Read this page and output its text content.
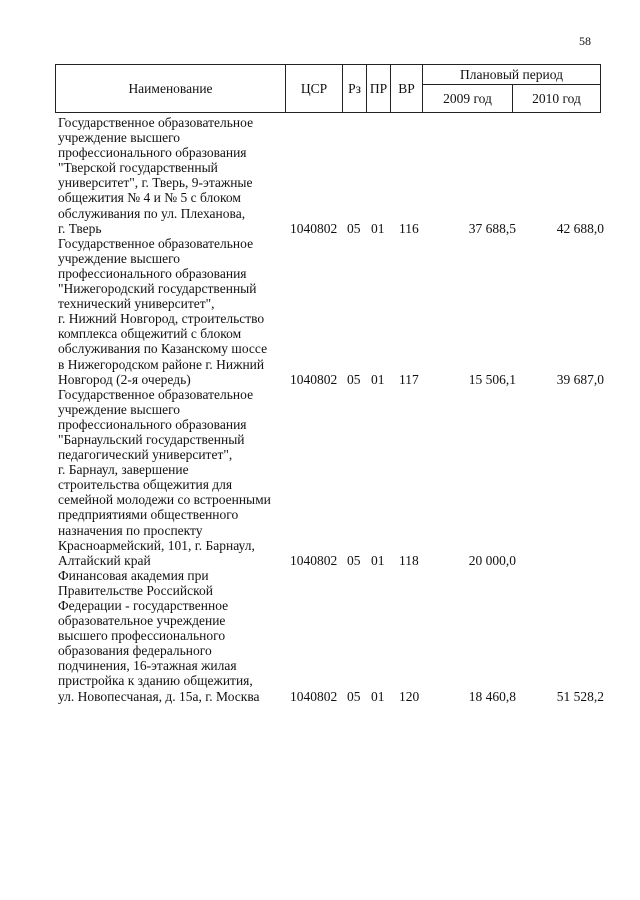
58
Наименование	ЦСР	Рз	ПР	ВР	Плановый период	
					2009 год	2010 год
Государственное образовательное
учреждение высшего
профессионального образования
"Тверской государственный
университет", г. Тверь, 9-этажные
общежития № 4 и № 5 с блоком
обслуживания по ул. Плеханова,
г. Тверь	1040802 05 01 116	37 688,5	42 688,0
Государственное образовательное
учреждение высшего
профессионального образования
"Нижегородский государственный
технический университет",
г. Нижний Новгород, строительство
комплекса общежитий с блоком
обслуживания по Казанскому шоссе
в Нижегородском районе г. Нижний
Новгород (2-я очередь)	1040802 05 01 117	15 506,1	39 687,0
Государственное образовательное
учреждение высшего
профессионального образования
"Барнаульский государственный
педагогический университет",
г. Барнаул, завершение
строительства общежития для
семейной молодежи со встроенными
предприятиями общественного
назначения по проспекту
Красноармейский, 101, г. Барнаул,
Алтайский край	1040802 05 01 118	20 000,0
Финансовая академия при
Правительстве Российской
Федерации - государственное
образовательное учреждение
высшего профессионального
образования федерального
подчинения, 16-этажная жилая
пристройка к зданию общежития,
ул. Новопесчаная, д. 15а, г. Москва	1040802 05 01 120	18 460,8	51 528,2
